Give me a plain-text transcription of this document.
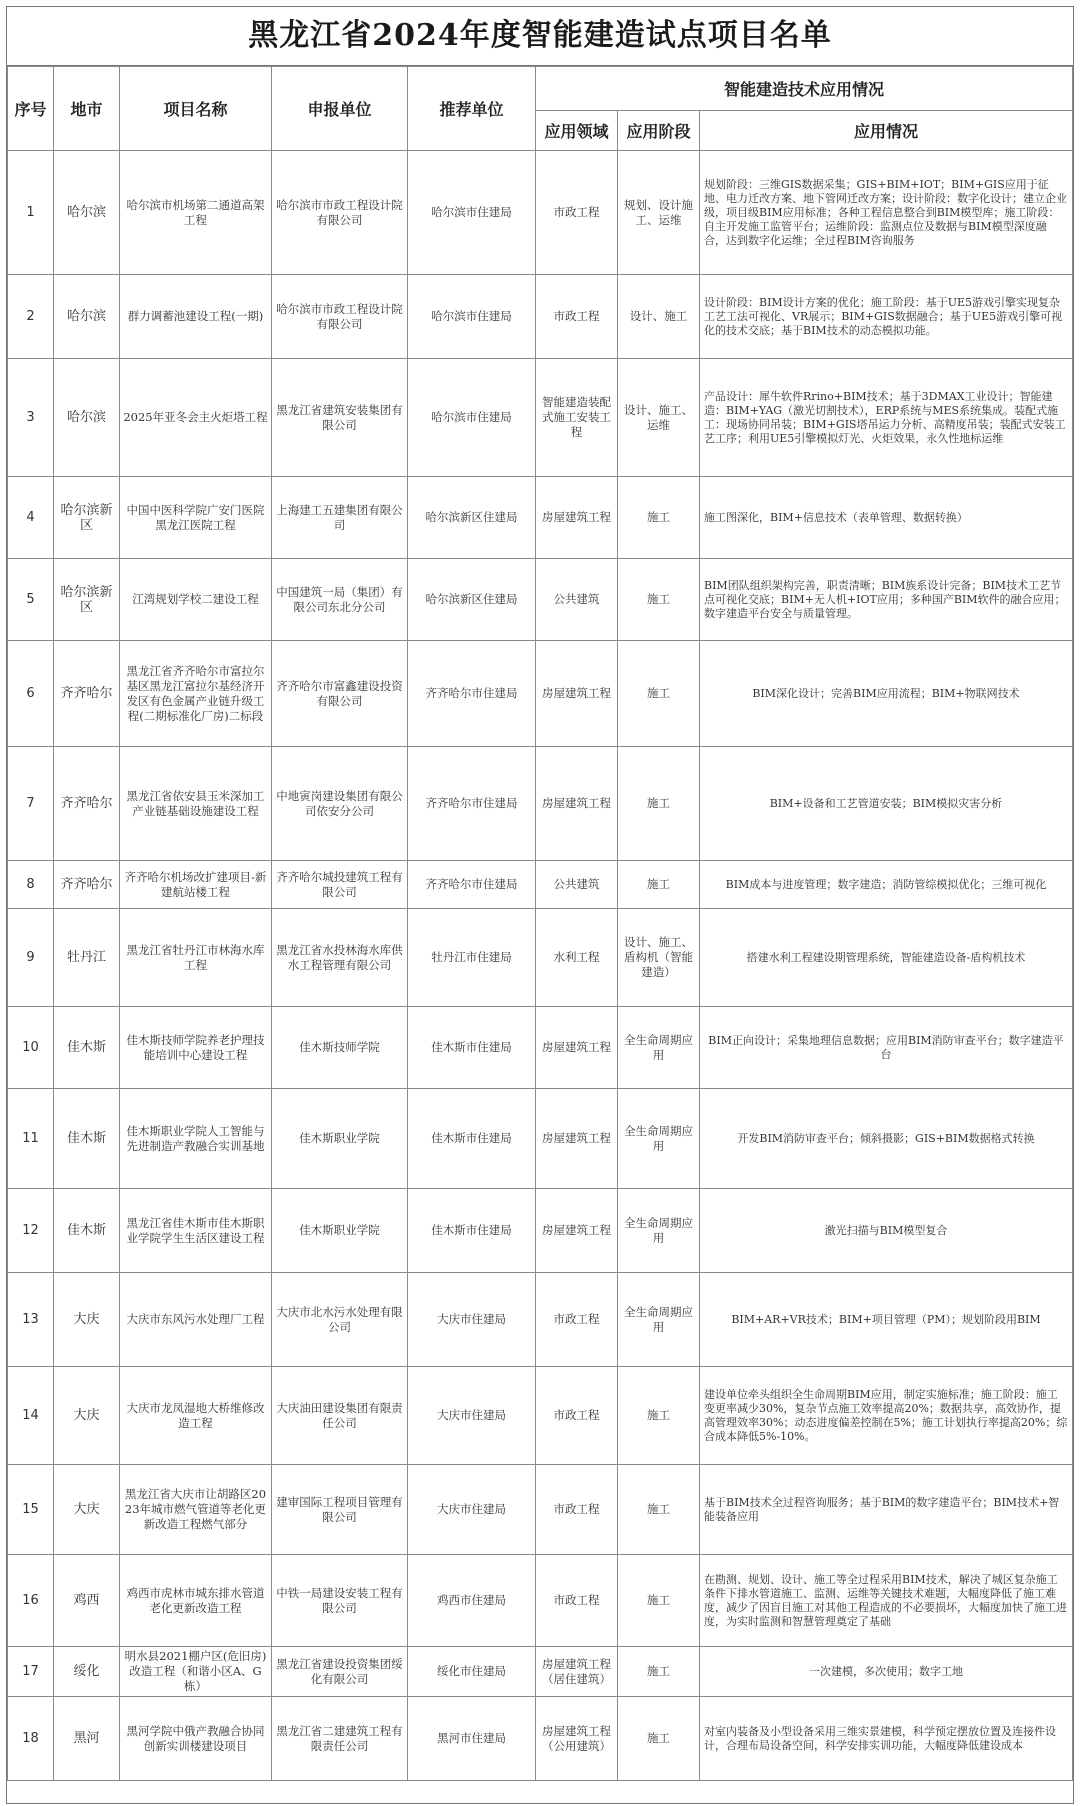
黑龙江省2024年度智能建造试点项目名单
序号	地市	项目名称	申报单位	推荐单位	智能建造技术应用情况		
					应用领域	应用阶段	应用情况
1	哈尔滨	哈尔滨市机场第二通道高架工程	哈尔滨市市政工程设计院有限公司	哈尔滨市住建局	市政工程	规划、设计施工、运维	规划阶段：三维GIS数据采集；GIS+BIM+IOT；BIM+GIS应用于征地、电力迁改方案、地下管网迁改方案；设计阶段：数字化设计；建立企业级，项目级BIM应用标准；各种工程信息整合到BIM模型库；施工阶段：自主开发施工监管平台；运维阶段：监测点位及数据与BIM模型深度融合，达到数字化运维；全过程BIM咨询服务
2	哈尔滨	群力调蓄池建设工程(一期)	哈尔滨市市政工程设计院有限公司	哈尔滨市住建局	市政工程	设计、施工	设计阶段：BIM设计方案的优化；施工阶段：基于UE5游戏引擎实现复杂工艺工法可视化、VR展示；BIM+GIS数据融合；基于UE5游戏引擎可视化的技术交底；基于BIM技术的动态模拟功能。
3	哈尔滨	2025年亚冬会主火炬塔工程	黑龙江省建筑安装集团有限公司	哈尔滨市住建局	智能建造装配式施工安装工程	设计、施工、运维	产品设计：犀牛软件Rrino+BIM技术；基于3DMAX工业设计；智能建造：BIM+YAG（激光切割技术），ERP系统与MES系统集成。装配式施工：现场协同吊装；BIM+GIS塔吊运力分析、高精度吊装；装配式安装工艺工序；利用UE5引擎模拟灯光、火炬效果，永久性地标运维
4	哈尔滨新区	中国中医科学院广安门医院黑龙江医院工程	上海建工五建集团有限公司	哈尔滨新区住建局	房屋建筑工程	施工	施工图深化，BIM+信息技术（表单管理、数据转换）
5	哈尔滨新区	江湾规划学校二建设工程	中国建筑一局（集团）有限公司东北分公司	哈尔滨新区住建局	公共建筑	施工	BIM团队组织架构完善，职责清晰；BIM族系设计完备；BIM技术工艺节点可视化交底；BIM+无人机+IOT应用；多种国产BIM软件的融合应用；数字建造平台安全与质量管理。
6	齐齐哈尔	黑龙江省齐齐哈尔市富拉尔基区黑龙江富拉尔基经济开发区有色金属产业链升级工程(二期标准化厂房)二标段	齐齐哈尔市富鑫建设投资有限公司	齐齐哈尔市住建局	房屋建筑工程	施工	BIM深化设计；完善BIM应用流程；BIM+物联网技术
7	齐齐哈尔	黑龙江省依安县玉米深加工产业链基础设施建设工程	中地寅岗建设集团有限公司依安分公司	齐齐哈尔市住建局	房屋建筑工程	施工	BIM+设备和工艺管道安装；BIM模拟灾害分析
8	齐齐哈尔	齐齐哈尔机场改扩建项目-新建航站楼工程	齐齐哈尔城投建筑工程有限公司	齐齐哈尔市住建局	公共建筑	施工	BIM成本与进度管理；数字建造；消防管综模拟优化；三维可视化
9	牡丹江	黑龙江省牡丹江市林海水库工程	黑龙江省水投林海水库供水工程管理有限公司	牡丹江市住建局	水利工程	设计、施工、盾构机（智能建造）	搭建水利工程建设期管理系统，智能建造设备-盾构机技术
10	佳木斯	佳木斯技师学院养老护理技能培训中心建设工程	佳木斯技师学院	佳木斯市住建局	房屋建筑工程	全生命周期应用	BIM正向设计；采集地理信息数据；应用BIM消防审查平台；数字建造平台
11	佳木斯	佳木斯职业学院人工智能与先进制造产教融合实训基地	佳木斯职业学院	佳木斯市住建局	房屋建筑工程	全生命周期应用	开发BIM消防审查平台；倾斜摄影；GIS+BIM数据格式转换
12	佳木斯	黑龙江省佳木斯市佳木斯职业学院学生生活区建设工程	佳木斯职业学院	佳木斯市住建局	房屋建筑工程	全生命周期应用	激光扫描与BIM模型复合
13	大庆	大庆市东风污水处理厂工程	大庆市北水污水处理有限公司	大庆市住建局	市政工程	全生命周期应用	BIM+AR+VR技术；BIM+项目管理（PM）；规划阶段用BIM
14	大庆	大庆市龙凤湿地大桥维修改造工程	大庆油田建设集团有限责任公司	大庆市住建局	市政工程	施工	建设单位牵头组织全生命周期BIM应用，制定实施标准；施工阶段：施工变更率减少30%，复杂节点施工效率提高20%；数据共享，高效协作，提高管理效率30%；动态进度偏差控制在5%；施工计划执行率提高20%；综合成本降低5%-10%。
15	大庆	黑龙江省大庆市让胡路区2023年城市燃气管道等老化更新改造工程燃气部分	建审国际工程项目管理有限公司	大庆市住建局	市政工程	施工	基于BIM技术全过程咨询服务；基于BIM的数字建造平台；BIM技术+智能装备应用
16	鸡西	鸡西市虎林市城东排水管道老化更新改造工程	中铁一局建设安装工程有限公司	鸡西市住建局	市政工程	施工	在勘测、规划、设计、施工等全过程采用BIM技术，解决了城区复杂施工条件下排水管道施工、监测、运维等关键技术难题，大幅度降低了施工难度，减少了因盲目施工对其他工程造成的不必要损坏，大幅度加快了施工进度，为实时监测和智慧管理奠定了基础
17	绥化	明水县2021棚户区(危旧房)改造工程（和谐小区A、G栋）	黑龙江省建设投资集团绥化有限公司	绥化市住建局	房屋建筑工程（居住建筑）	施工	一次建模，多次使用；数字工地
18	黑河	黑河学院中俄产教融合协同创新实训楼建设项目	黑龙江省二建建筑工程有限责任公司	黑河市住建局	房屋建筑工程（公用建筑）	施工	对室内装备及小型设备采用三维实景建模，科学预定摆放位置及连接件设计，合理布局设备空间，科学安排实训功能，大幅度降低建设成本
